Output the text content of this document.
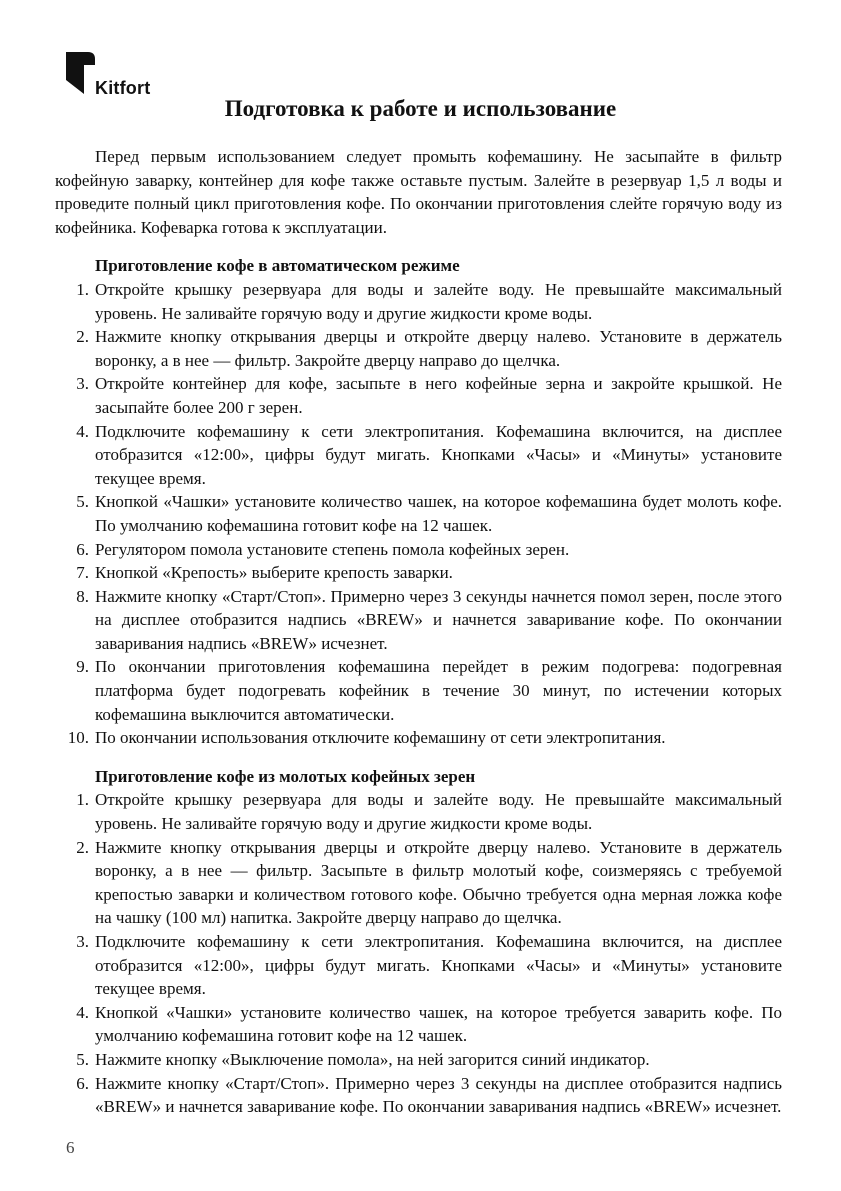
Kitfort
Подготовка к работе и использование

Перед первым использованием следует промыть кофемашину. Не засыпайте в фильтр кофейную заварку, контейнер для кофе также оставьте пустым. Залейте в резервуар 1,5 л воды и проведите полный цикл приготовления кофе. По окончании приготовления слейте горячую воду из кофейника. Кофеварка готова к эксплуатации.

Приготовление кофе в автоматическом режиме
1. Откройте крышку резервуара для воды и залейте воду. Не превышайте максимальный уровень. Не заливайте горячую воду и другие жидкости кроме воды.
2. Нажмите кнопку открывания дверцы и откройте дверцу налево. Установите в держатель воронку, а в нее — фильтр. Закройте дверцу направо до щелчка.
3. Откройте контейнер для кофе, засыпьте в него кофейные зерна и закройте крышкой. Не засыпайте более 200 г зерен.
4. Подключите кофемашину к сети электропитания. Кофемашина включится, на дисплее отобразится «12:00», цифры будут мигать. Кнопками «Часы» и «Минуты» установите текущее время.
5. Кнопкой «Чашки» установите количество чашек, на которое кофемашина будет молоть кофе. По умолчанию кофемашина готовит кофе на 12 чашек.
6. Регулятором помола установите степень помола кофейных зерен.
7. Кнопкой «Крепость» выберите крепость заварки.
8. Нажмите кнопку «Старт/Стоп». Примерно через 3 секунды начнется помол зерен, после этого на дисплее отобразится надпись «BREW» и начнется заваривание кофе. По окончании заваривания надпись «BREW» исчезнет.
9. По окончании приготовления кофемашина перейдет в режим подогрева: подогревная платформа будет подогревать кофейник в течение 30 минут, по истечении которых кофемашина выключится автоматически.
10. По окончании использования отключите кофемашину от сети электропитания.
Приготовление кофе из молотых кофейных зерен
1. Откройте крышку резервуара для воды и залейте воду. Не превышайте максимальный уровень. Не заливайте горячую воду и другие жидкости кроме воды.
2. Нажмите кнопку открывания дверцы и откройте дверцу налево. Установите в держатель воронку, а в нее — фильтр. Засыпьте в фильтр молотый кофе, соизмеряясь с требуемой крепостью заварки и количеством готового кофе. Обычно требуется одна мерная ложка кофе на чашку (100 мл) напитка. Закройте дверцу направо до щелчка.
3. Подключите кофемашину к сети электропитания. Кофемашина включится, на дисплее отобразится «12:00», цифры будут мигать. Кнопками «Часы» и «Минуты» установите текущее время.
4. Кнопкой «Чашки» установите количество чашек, на которое требуется заварить кофе. По умолчанию кофемашина готовит кофе на 12 чашек.
5. Нажмите кнопку «Выключение помола», на ней загорится синий индикатор.
6. Нажмите кнопку «Старт/Стоп». Примерно через 3 секунды на дисплее отобразится надпись «BREW» и начнется заваривание кофе. По окончании заваривания надпись «BREW» исчезнет.
6
